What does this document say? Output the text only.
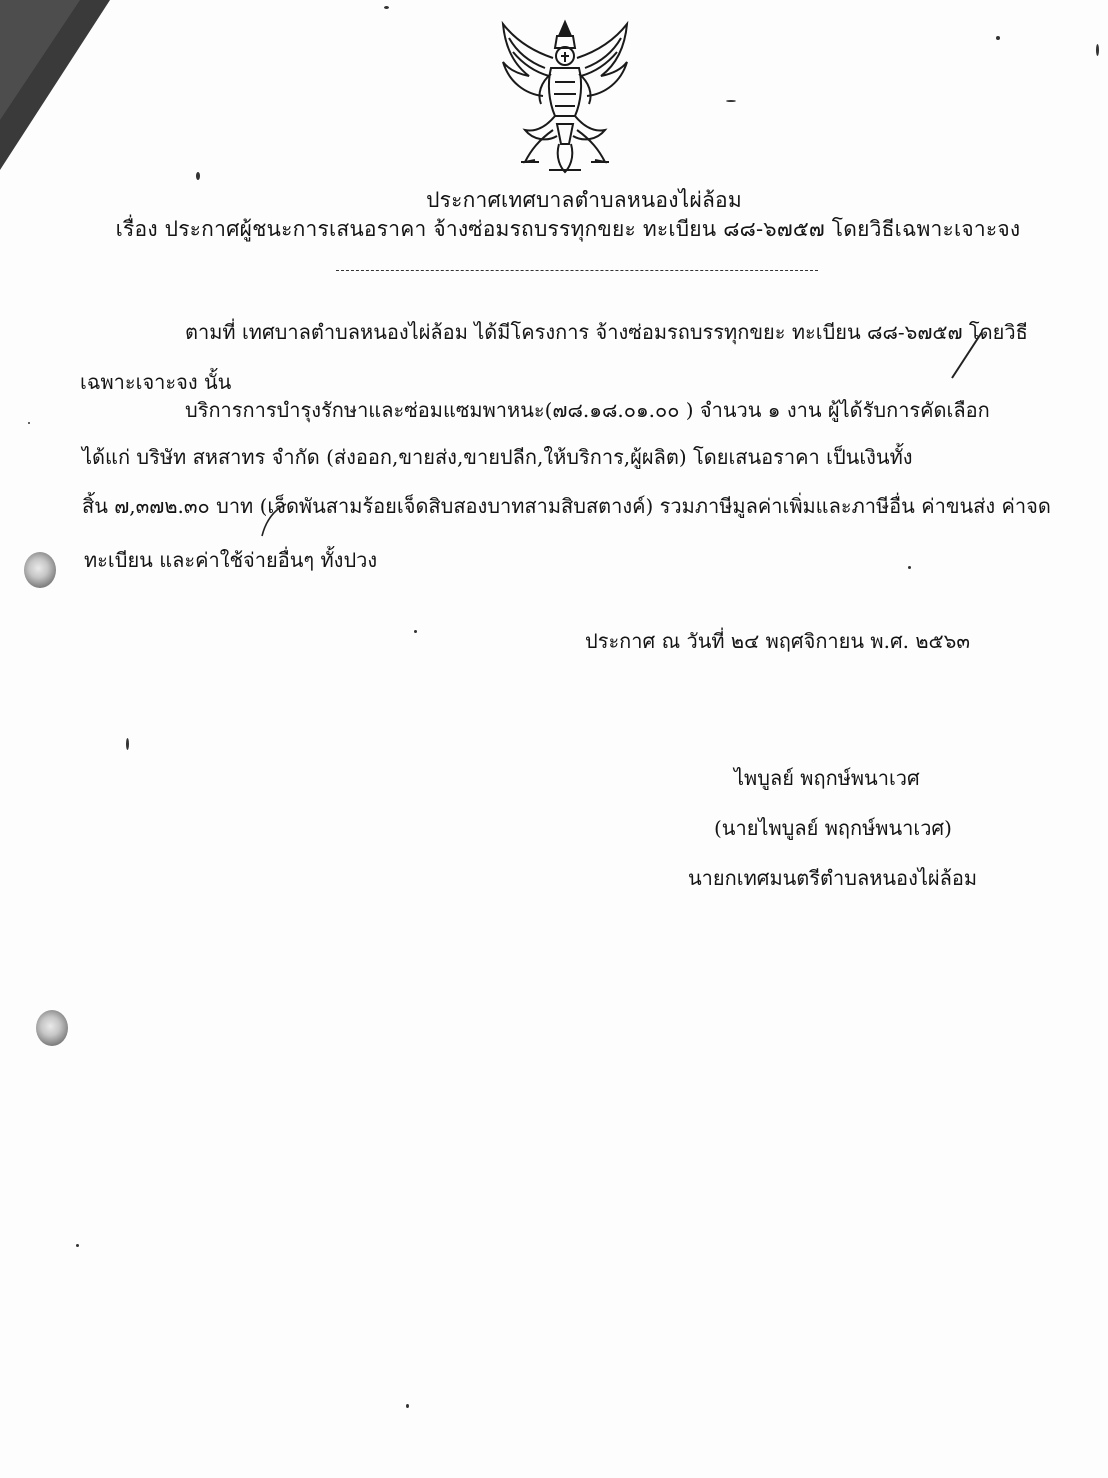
ประกาศเทศบาลตำบลหนองไผ่ล้อม
เรื่อง ประกาศผู้ชนะการเสนอราคา จ้างซ่อมรถบรรทุกขยะ ทะเบียน ๘๘-๖๗๕๗ โดยวิธีเฉพาะเจาะจง
ตามที่ เทศบาลตำบลหนองไผ่ล้อม ได้มีโครงการ จ้างซ่อมรถบรรทุกขยะ ทะเบียน ๘๘-๖๗๕๗ โดยวิธี
เฉพาะเจาะจง นั้น
บริการการบำรุงรักษาและซ่อมแซมพาหนะ(๗๘.๑๘.๐๑.๐๐ ) จำนวน ๑ งาน ผู้ได้รับการคัดเลือก
ได้แก่ บริษัท สหสาทร จำกัด (ส่งออก,ขายส่ง,ขายปลีก,ให้บริการ,ผู้ผลิต) โดยเสนอราคา เป็นเงินทั้ง
สิ้น ๗,๓๗๒.๓๐ บาท (เจ็ดพันสามร้อยเจ็ดสิบสองบาทสามสิบสตางค์) รวมภาษีมูลค่าเพิ่มและภาษีอื่น ค่าขนส่ง ค่าจด
ทะเบียน และค่าใช้จ่ายอื่นๆ ทั้งปวง
ประกาศ ณ วันที่ ๒๔ พฤศจิกายน พ.ศ. ๒๕๖๓
ไพบูลย์ พฤกษ์พนาเวศ
(นายไพบูลย์ พฤกษ์พนาเวศ)
นายกเทศมนตรีตำบลหนองไผ่ล้อม
